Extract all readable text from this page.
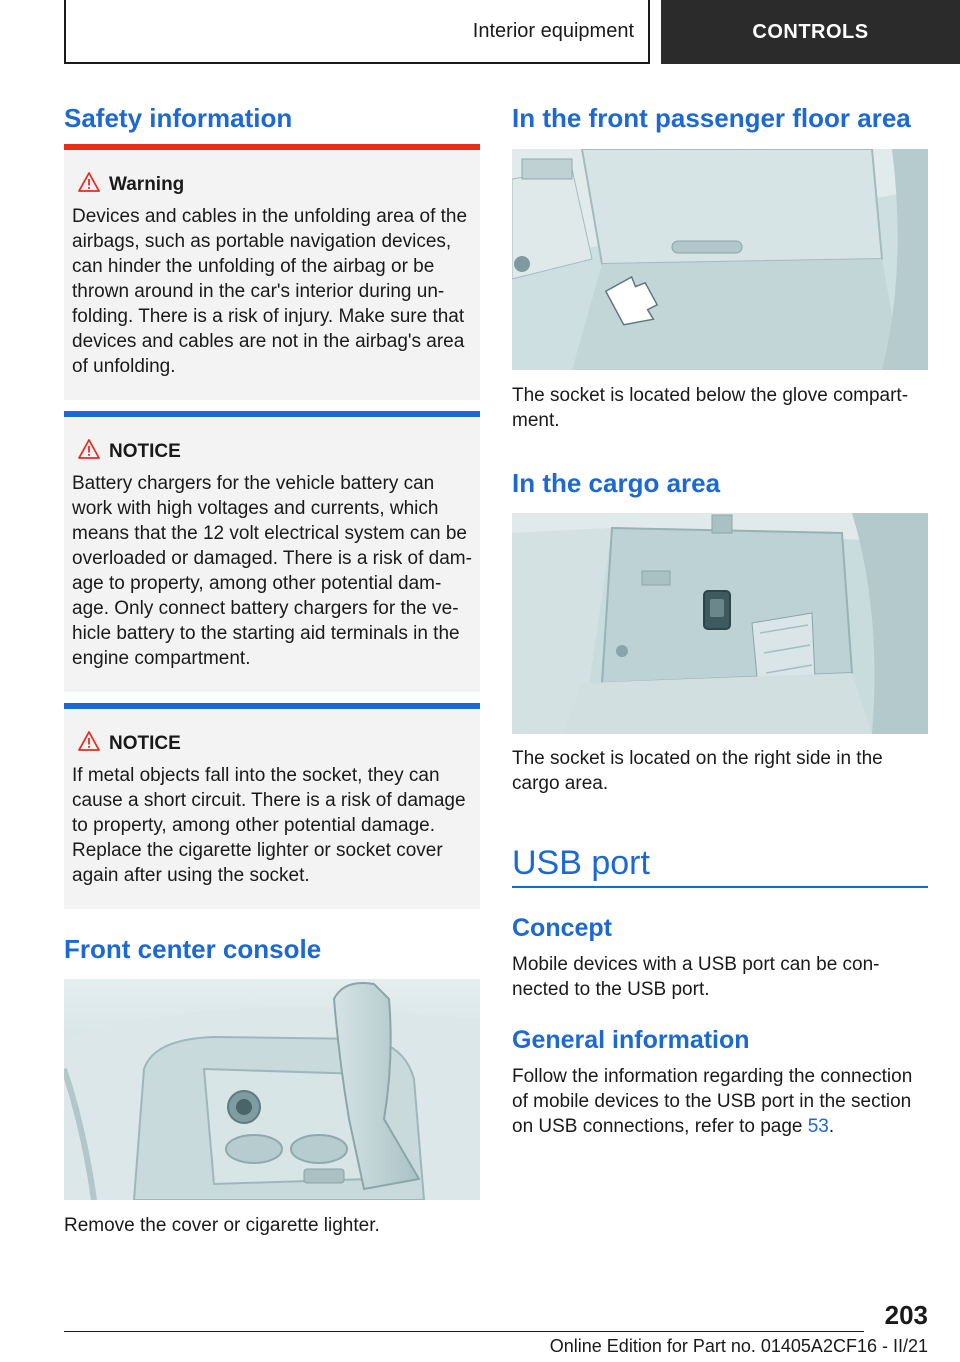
Interior equipment	CONTROLS
Safety information
Warning
Devices and cables in the unfolding area of the airbags, such as portable navigation devices, can hinder the unfolding of the airbag or be thrown around in the car's interior during un-folding. There is a risk of injury. Make sure that devices and cables are not in the airbag's area of unfolding.
NOTICE
Battery chargers for the vehicle battery can work with high voltages and currents, which means that the 12 volt electrical system can be overloaded or damaged. There is a risk of dam-age to property, among other potential dam-age. Only connect battery chargers for the ve-hicle battery to the starting aid terminals in the engine compartment.
NOTICE
If metal objects fall into the socket, they can cause a short circuit. There is a risk of damage to property, among other potential damage. Replace the cigarette lighter or socket cover again after using the socket.
Front center console
Remove the cover or cigarette lighter.
In the front passenger floor area
The socket is located below the glove compart-ment.
In the cargo area
The socket is located on the right side in the cargo area.
USB port
Concept
Mobile devices with a USB port can be con-nected to the USB port.
General information
Follow the information regarding the connection of mobile devices to the USB port in the section on USB connections, refer to page 53.
203
Online Edition for Part no. 01405A2CF16 - II/21
